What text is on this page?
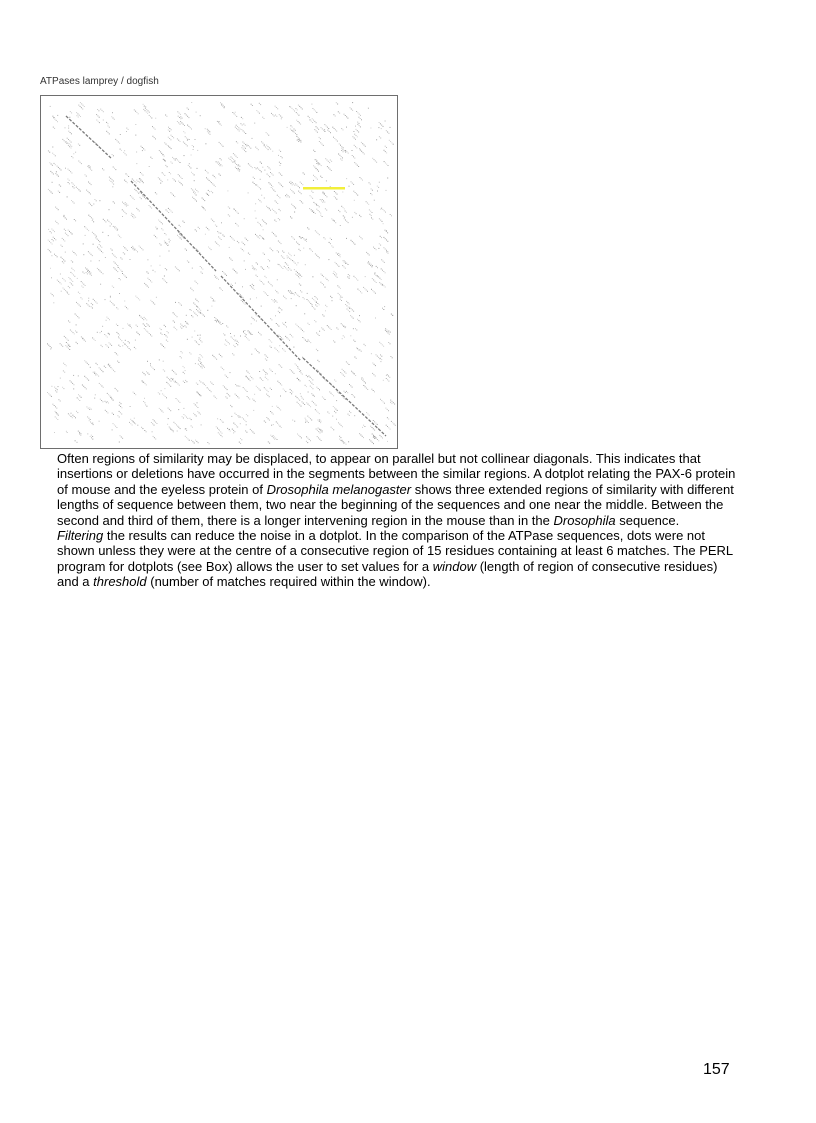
ATPases lamprey / dogfish

Often regions of similarity may be displaced, to appear on parallel but not collinear diagonals. This indicates that insertions or deletions have occurred in the segments between the similar regions. A dotplot relating the PAX-6 protein of mouse and the eyeless protein of Drosophila melanogaster shows three extended regions of similarity with different lengths of sequence between them, two near the beginning of the sequences and one near the middle. Between the second and third of them, there is a longer intervening region in the mouse than in the Drosophila sequence.

Filtering the results can reduce the noise in a dotplot. In the comparison of the ATPase sequences, dots were not shown unless they were at the centre of a consecutive region of 15 residues containing at least 6 matches. The PERL program for dotplots (see Box) allows the user to set values for a window (length of region of consecutive residues) and a threshold (number of matches required within the window).

157
